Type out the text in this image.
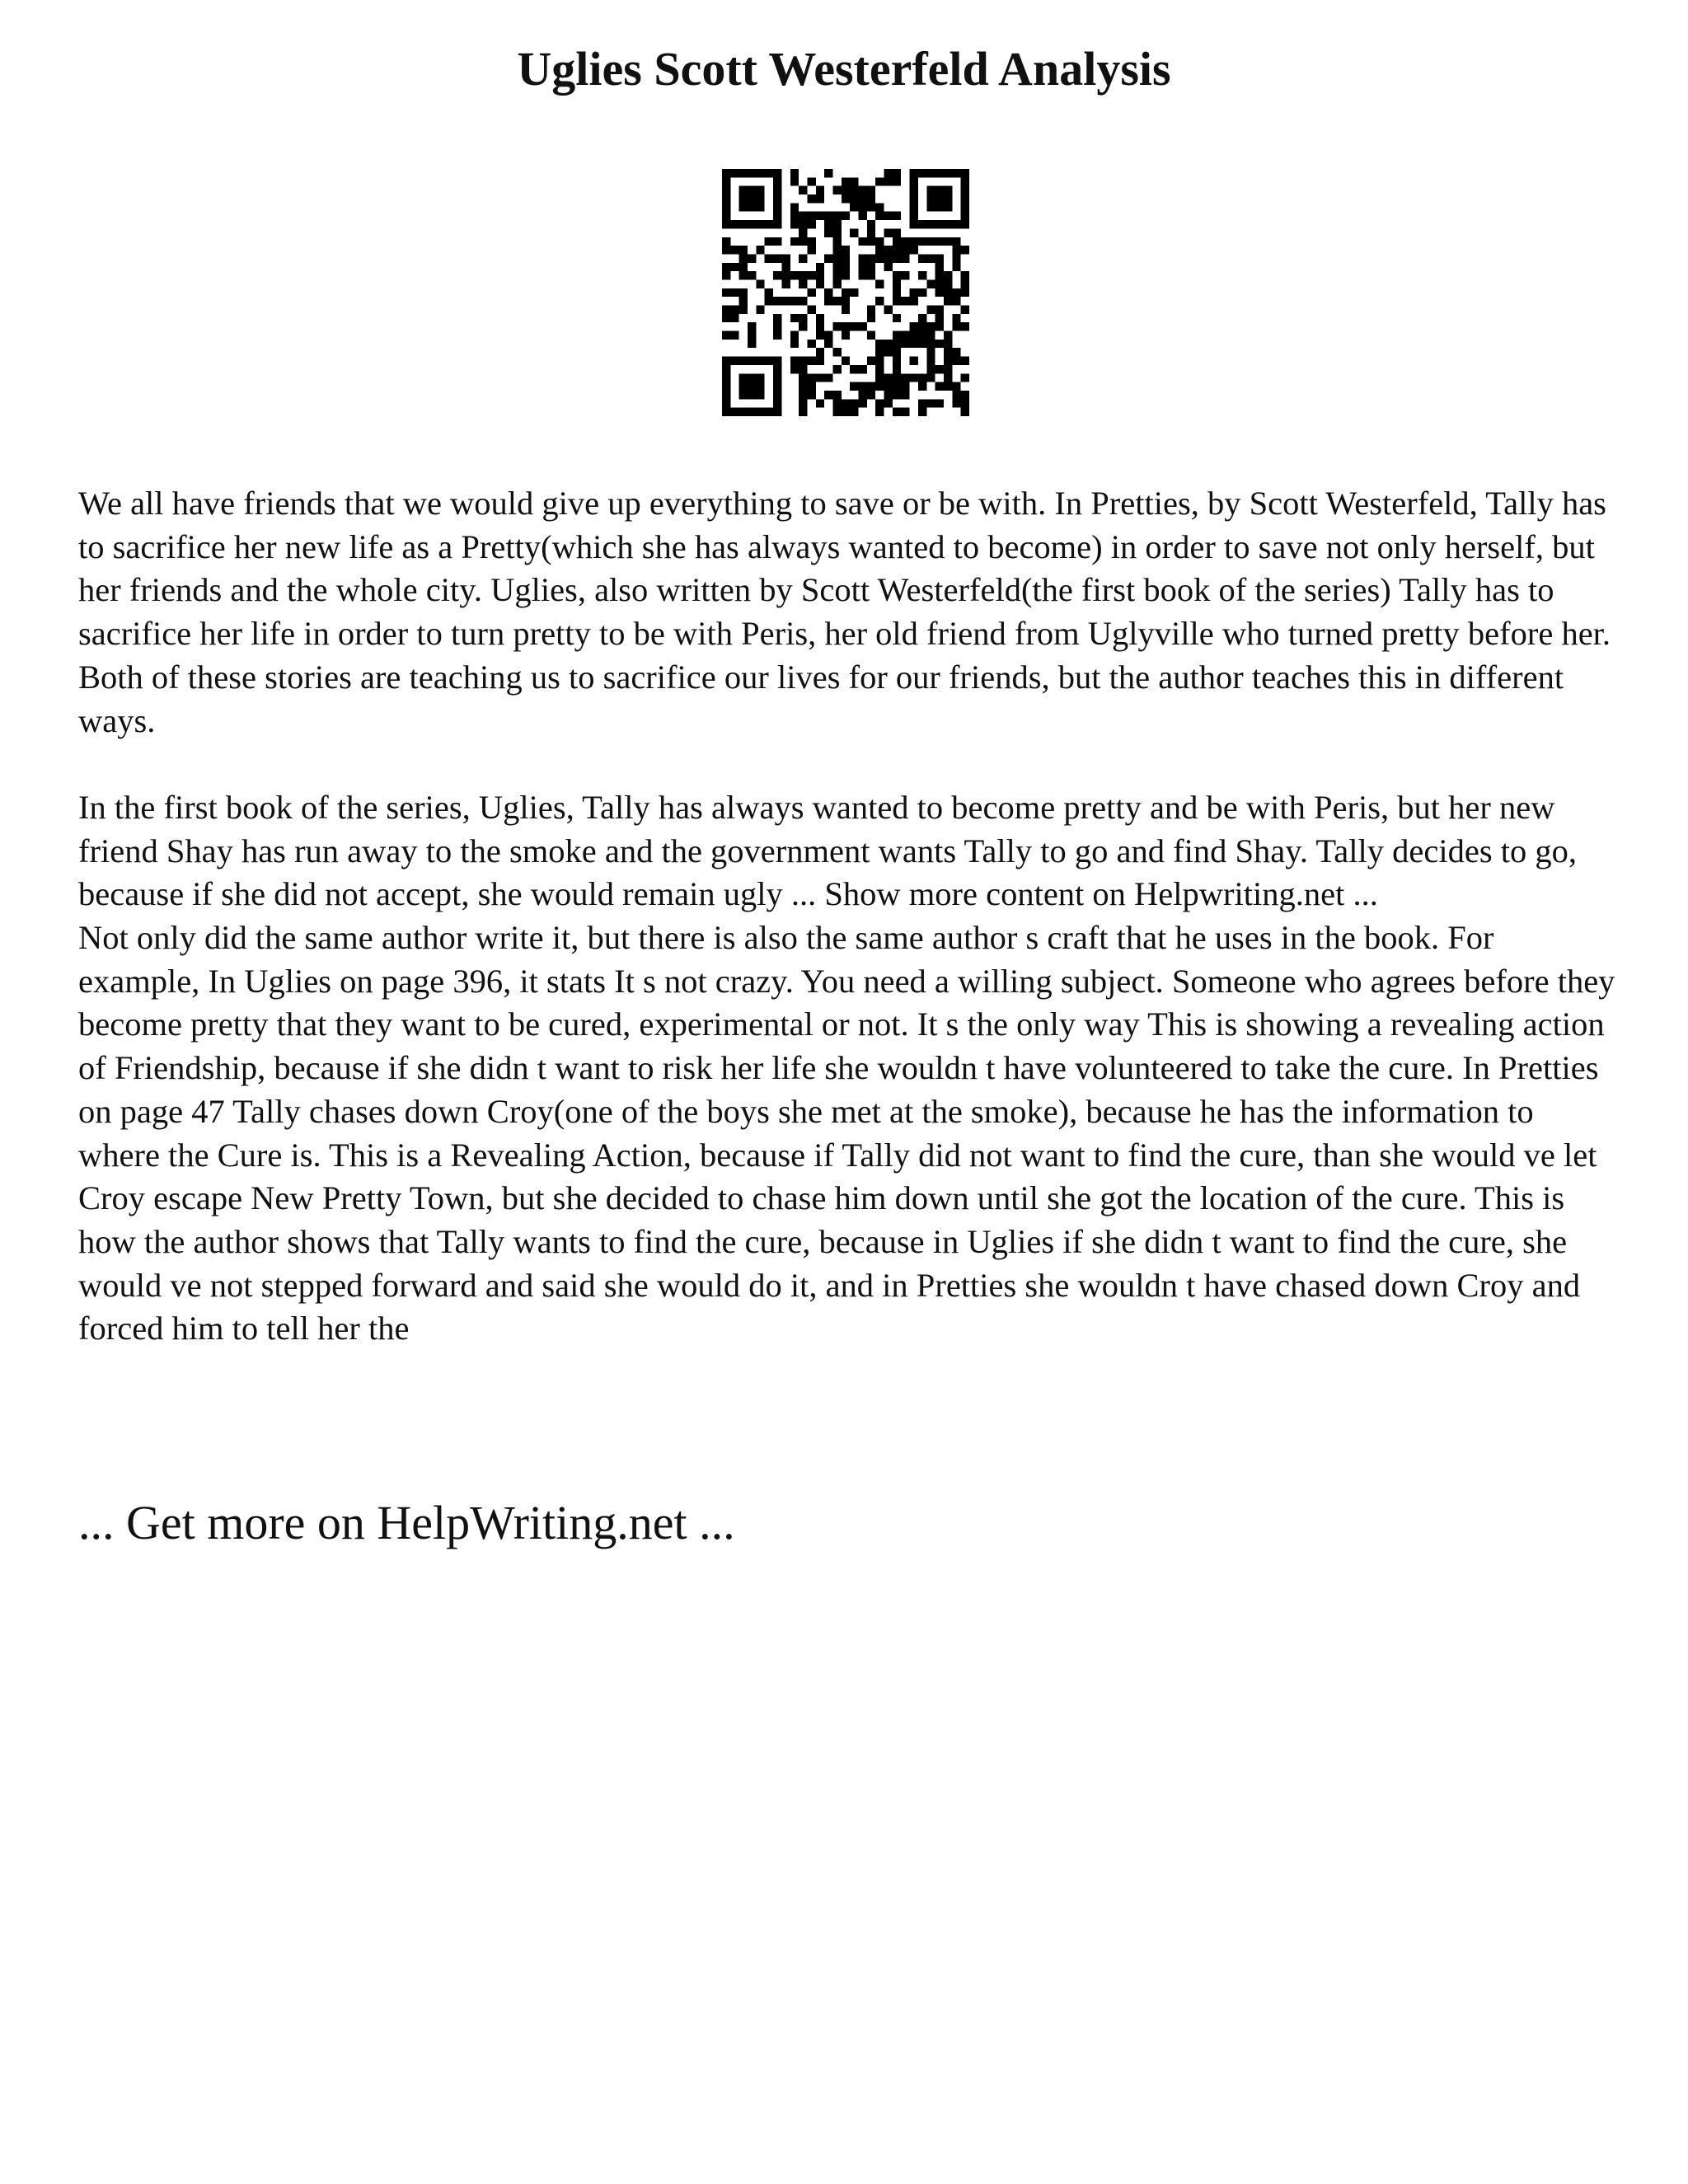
Uglies Scott Westerfeld Analysis

We all have friends that we would give up everything to save or be with. In Pretties, by Scott Westerfeld, Tally has to sacrifice her new life as a Pretty(which she has always wanted to become) in order to save not only herself, but her friends and the whole city. Uglies, also written by Scott Westerfeld(the first book of the series) Tally has to sacrifice her life in order to turn pretty to be with Peris, her old friend from Uglyville who turned pretty before her. Both of these stories are teaching us to sacrifice our lives for our friends, but the author teaches this in different ways.

In the first book of the series, Uglies, Tally has always wanted to become pretty and be with Peris, but her new friend Shay has run away to the smoke and the government wants Tally to go and find Shay. Tally decides to go, because if she did not accept, she would remain ugly ... Show more content on Helpwriting.net ...

Not only did the same author write it, but there is also the same author s craft that he uses in the book. For example, In Uglies on page 396, it stats It s not crazy. You need a willing subject. Someone who agrees before they become pretty that they want to be cured, experimental or not. It s the only way This is showing a revealing action of Friendship, because if she didn t want to risk her life she wouldn t have volunteered to take the cure. In Pretties on page 47 Tally chases down Croy(one of the boys she met at the smoke), because he has the information to where the Cure is. This is a Revealing Action, because if Tally did not want to find the cure, than she would ve let Croy escape New Pretty Town, but she decided to chase him down until she got the location of the cure. This is how the author shows that Tally wants to find the cure, because in Uglies if she didn t want to find the cure, she would ve not stepped forward and said she would do it, and in Pretties she wouldn t have chased down Croy and forced him to tell her the

... Get more on HelpWriting.net ...
